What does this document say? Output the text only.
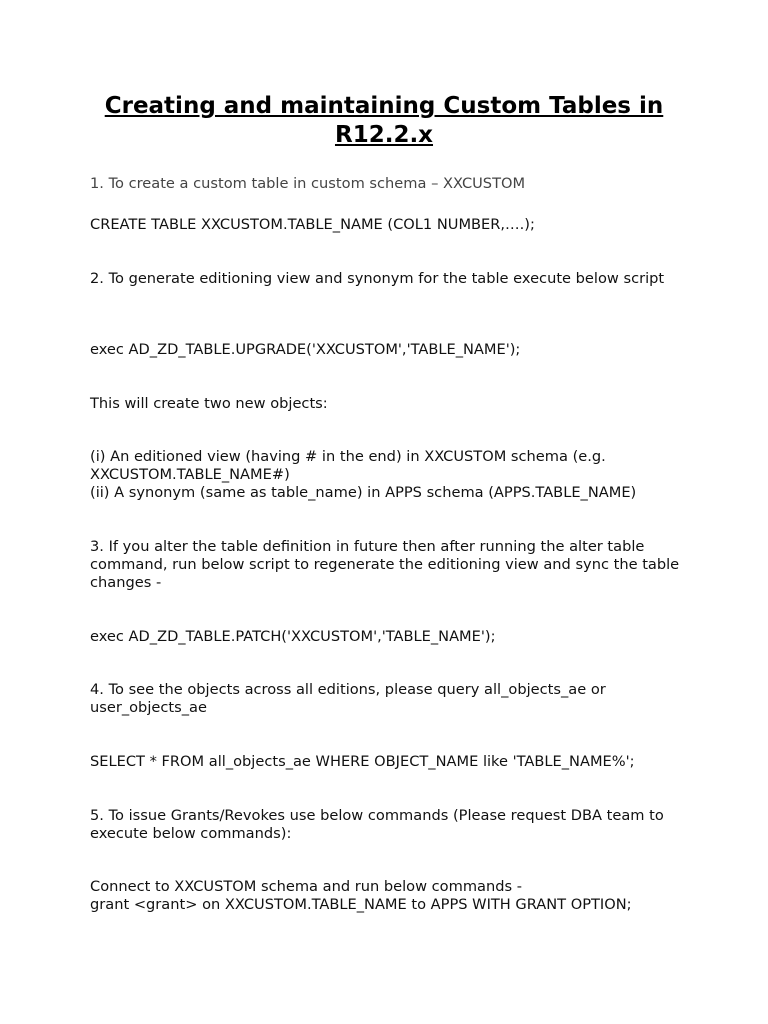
Creating and maintaining Custom Tables in R12.2.x

1. To create a custom table in custom schema – XXCUSTOM

CREATE TABLE XXCUSTOM.TABLE_NAME (COL1 NUMBER,….);

2. To generate editioning view and synonym for the table execute below script

exec AD_ZD_TABLE.UPGRADE('XXCUSTOM','TABLE_NAME');

This will create two new objects:

(i) An editioned view (having # in the end) in XXCUSTOM schema (e.g. XXCUSTOM.TABLE_NAME#)

(ii) A synonym (same as table_name) in APPS schema (APPS.TABLE_NAME)

3. If you alter the table definition in future then after running the alter table command, run below script to regenerate the editioning view and sync the table changes -

exec AD_ZD_TABLE.PATCH('XXCUSTOM','TABLE_NAME');

4. To see the objects across all editions, please query all_objects_ae or user_objects_ae

SELECT * FROM all_objects_ae WHERE OBJECT_NAME like 'TABLE_NAME%';

5. To issue Grants/Revokes use below commands (Please request DBA team to execute below commands):

Connect to XXCUSTOM schema and run below commands -

grant <grant> on XXCUSTOM.TABLE_NAME to APPS WITH GRANT OPTION;
